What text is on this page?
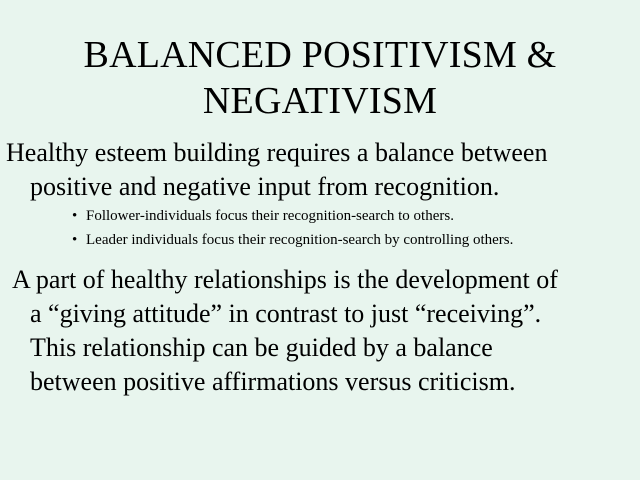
BALANCED POSITIVISM &
NEGATIVISM
Healthy esteem building requires a balance between
positive and negative input from recognition.
• Follower-individuals focus their recognition-search to others.
• Leader individuals focus their recognition-search by controlling others.
A part of healthy relationships is the development of
a “giving attitude” in contrast to just “receiving”.
This relationship can be guided by a balance
between positive affirmations versus criticism.
